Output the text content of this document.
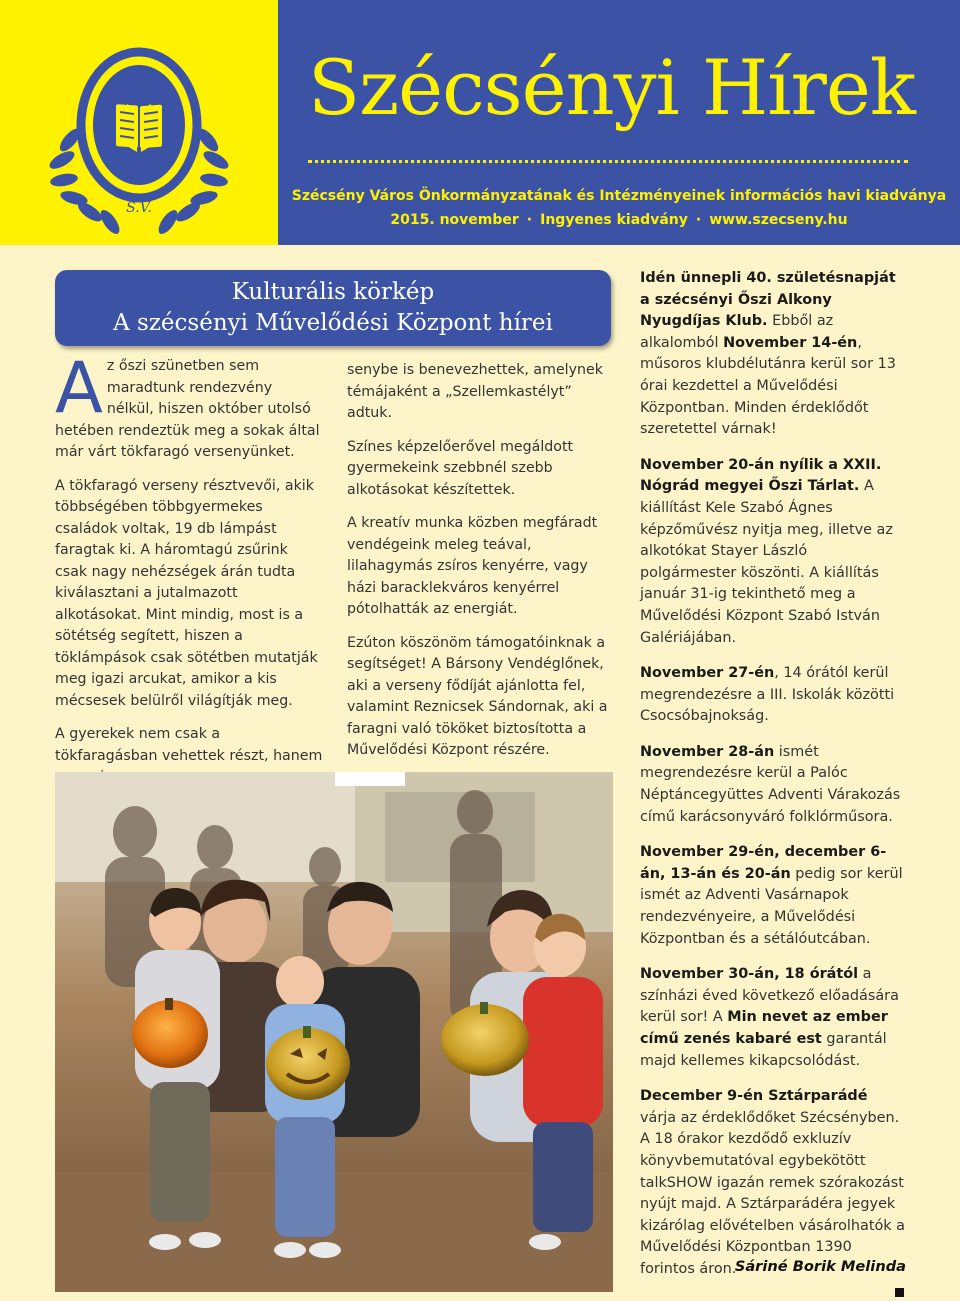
S.V.
Szécsényi Hírek
Szécsény Város Önkormányzatának és Intézményeinek információs havi kiadványa
2015. november · Ingyenes kiadvány · www.szecseny.hu
Kulturális körkép
A szécsényi Művelődési Központ hírei

Az őszi szünetben sem maradtunk rendezvény nélkül, hiszen október utolsó hetében rendeztük meg a sokak által már várt tökfaragó versenyünket.

A tökfaragó verseny résztvevői, akik többségében többgyermekes családok voltak, 19 db lámpást faragtak ki. A háromtagú zsűrink csak nagy nehézségek árán tudta kiválasztani a jutalmazott alkotásokat. Mint mindig, most is a sötétség segített, hiszen a töklámpások csak sötétben mutatják meg igazi arcukat, amikor a kis mécsesek belülről világítják meg.

A gyerekek nem csak a tökfaragásban vehettek részt, hanem

senybe is benevezhettek, amelynek témájaként a „Szellemkastélyt” adtuk.

Színes képzelőerővel megáldott gyermekeink szebbnél szebb alkotásokat készítettek.

A kreatív munka közben megfáradt vendégeink meleg teával, lilahagymás zsíros kenyérre, vagy házi baracklekváros kenyérrel pótolhatták az energiát.

Ezúton köszönöm támogatóinknak a segítséget! A Bársony Vendéglőnek, aki a verseny fődíját ajánlotta fel, valamint Reznicsek Sándornak, aki a faragni való tököket biztosította a Művelődési Központ részére.

Idén ünnepli 40. születésnapját a szécsényi Őszi Alkony Nyugdíjas Klub. Ebből az alkalomból November 14-én, műsoros klubdélutánra kerül sor 13 órai kezdettel a Művelődési Központban. Minden érdeklődőt szeretettel várnak!

November 20-án nyílik a XXII. Nógrád megyei Őszi Tárlat. A kiállítást Kele Szabó Ágnes képzőművész nyitja meg, illetve az alkotókat Stayer László polgármester köszönti. A kiállítás január 31-ig tekinthető meg a Művelődési Központ Szabó István Galériájában.

November 27-én, 14 órától kerül megrendezésre a III. Iskolák közötti Csocsóbajnokság.

November 28-án ismét megrendezésre kerül a Palóc Néptáncegyüttes Adventi Várakozás című karácsonyváró folklórműsora.

November 29-én, december 6-án, 13-án és 20-án pedig sor kerül ismét az Adventi Vasárnapok rendezvényeire, a Művelődési Központban és a sétálóutcában.

November 30-án, 18 órától a színházi éved következő előadására kerül sor! A Min nevet az ember című zenés kabaré est garantál majd kellemes kikapcsolódást.

December 9-én Sztárparádé várja az érdeklődőket Szécsényben. A 18 órakor kezdődő exkluzív könyvbemutatóval egybekötött talkSHOW igazán remek szórakozást nyújt majd. A Sztárparádéra jegyek kizárólag elővételben vásárolhatók a Művelődési Központban 1390 forintos áron.

Sáriné Borik Melinda
